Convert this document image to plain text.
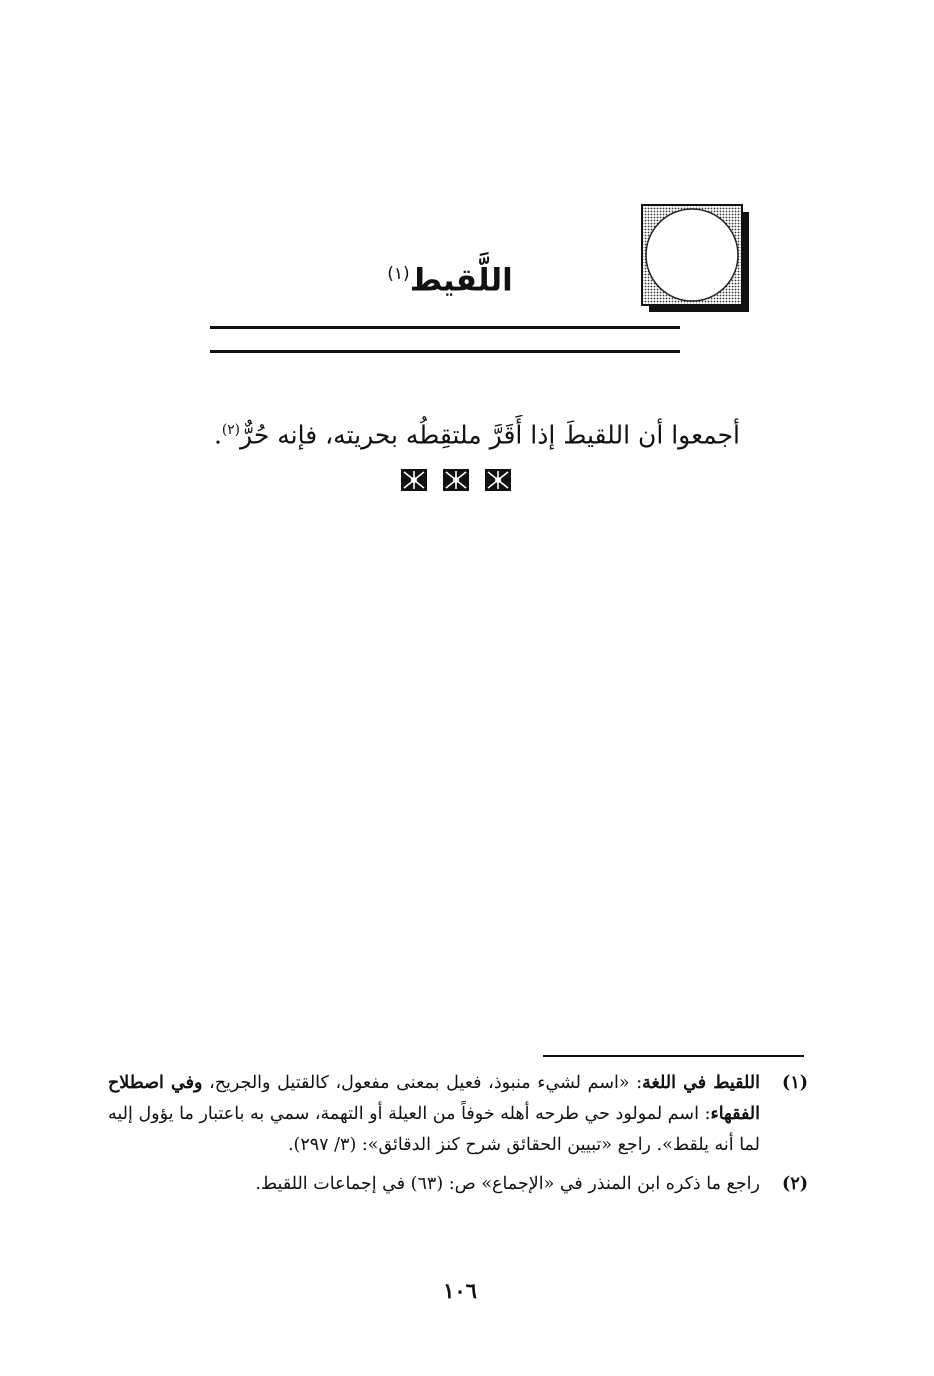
اللَّقيط$^{(١)}$
أجمعوا أن اللقيطَ إذا أَقَرَّ ملتقِطُه بحريته، فإنه حُرٌّ$^{(٢)}$.
(١)
اللقيط في اللغة: «اسم لشيء منبوذ، فعيل بمعنى مفعول، كالقتيل والجريح، وفي اصطلاح الفقهاء: اسم لمولود حي طرحه أهله خوفاً من العيلة أو التهمة، سمي به باعتبار ما يؤول إليه لما أنه يلقط». راجع «تبيين الحقائق شرح كنز الدقائق»: (٣/ ٢٩٧).
(٢)
راجع ما ذكره ابن المنذر في «الإجماع» ص: (٦٣) في إجماعات اللقيط.
١٠٦
